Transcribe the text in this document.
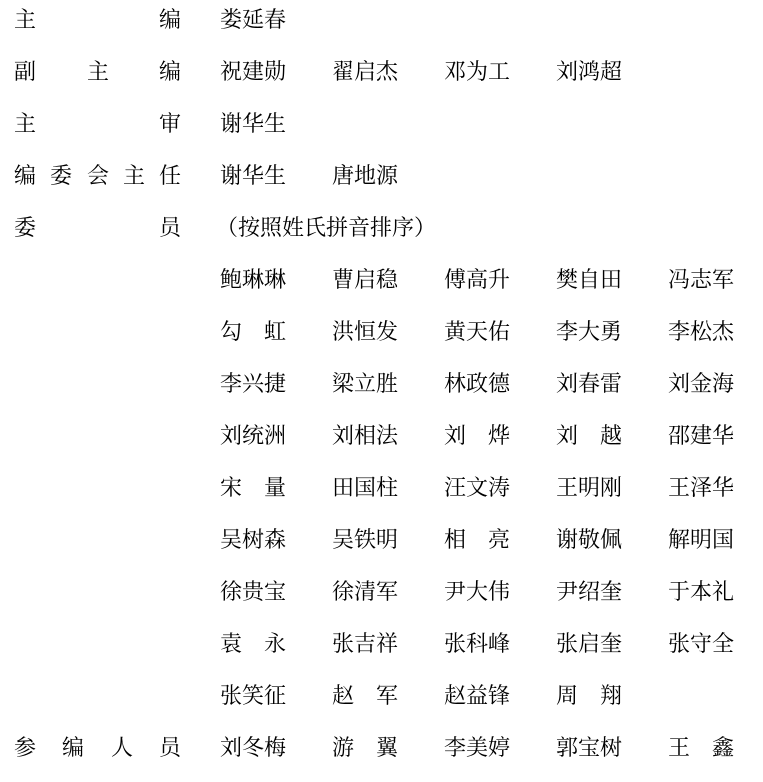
主	编 娄延春
副 主 编 祝建勋 翟启杰 邓为工 刘鸿超
主	审 谢华生
编 委 会 主 任 谢华生 唐地源
委	员 （按照姓氏拼音排序）
鲍琳琳 曹启稳 傅高升 樊自田 冯志军
勾　虹 洪恒发 黄天佑 李大勇 李松杰
李兴捷 梁立胜 林政德 刘春雷 刘金海
刘统洲 刘相法 刘　烨 刘　越 邵建华
宋　量 田国柱 汪文涛 王明刚 王泽华
吴树森 吴铁明 相　亮 谢敬佩 解明国
徐贵宝 徐清军 尹大伟 尹绍奎 于本礼
袁　永 张吉祥 张科峰 张启奎 张守全
张笑征 赵　军 赵益锋 周　翔
参 编 人 员 刘冬梅 游　翼 李美婷 郭宝树 王　鑫
